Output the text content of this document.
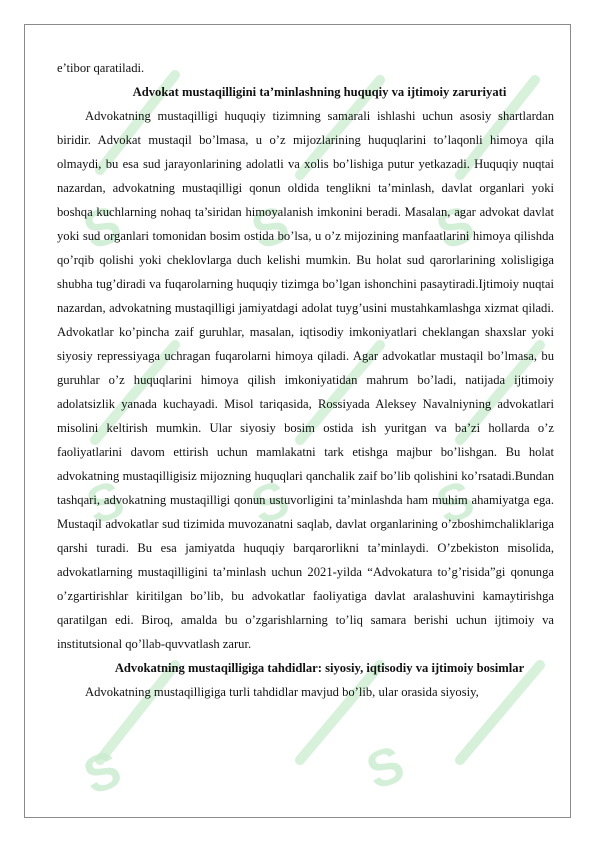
S
S
S
S
S
S
S
S

e’tibor qaratiladi.

Advokat mustaqilligini ta’minlashning huquqiy va ijtimoiy zaruriyati

Advokatning mustaqilligi huquqiy tizimning samarali ishlashi uchun asosiy shartlardan biridir. Advokat mustaqil bo’lmasa, u o’z mijozlarining huquqlarini to’laqonli himoya qila olmaydi, bu esa sud jarayonlarining adolatli va xolis bo’lishiga putur yetkazadi. Huquqiy nuqtai nazardan, advokatning mustaqilligi qonun oldida tenglikni ta’minlash, davlat organlari yoki boshqa kuchlarning nohaq ta’siridan himoyalanish imkonini beradi. Masalan, agar advokat davlat yoki sud organlari tomonidan bosim ostida bo’lsa, u o’z mijozining manfaatlarini himoya qilishda qo’rqib qolishi yoki cheklovlarga duch kelishi mumkin. Bu holat sud qarorlarining xolisligiga shubha tug’diradi va fuqarolarning huquqiy tizimga bo’lgan ishonchini pasaytiradi.Ijtimoiy nuqtai nazardan, advokatning mustaqilligi jamiyatdagi adolat tuyg’usini mustahkamlashga xizmat qiladi. Advokatlar ko’pincha zaif guruhlar, masalan, iqtisodiy imkoniyatlari cheklangan shaxslar yoki siyosiy repressiyaga uchragan fuqarolarni himoya qiladi. Agar advokatlar mustaqil bo’lmasa, bu guruhlar o’z huquqlarini himoya qilish imkoniyatidan mahrum bo’ladi, natijada ijtimoiy adolatsizlik yanada kuchayadi. Misol tariqasida, Rossiyada Aleksey Navalniyning advokatlari misolini keltirish mumkin. Ular siyosiy bosim ostida ish yuritgan va ba’zi hollarda o’z faoliyatlarini davom ettirish uchun mamlakatni tark etishga majbur bo’lishgan. Bu holat advokatning mustaqilligisiz mijozning huquqlari qanchalik zaif bo’lib qolishini ko’rsatadi.Bundan tashqari, advokatning mustaqilligi qonun ustuvorligini ta’minlashda ham muhim ahamiyatga ega. Mustaqil advokatlar sud tizimida muvozanatni saqlab, davlat organlarining o’zboshimchaliklariga qarshi turadi. Bu esa jamiyatda huquqiy barqarorlikni ta’minlaydi. O’zbekiston misolida, advokatlarning mustaqilligini ta’minlash uchun 2021-yilda “Advokatura to’g’risida”gi qonunga o’zgartirishlar kiritilgan bo’lib, bu advokatlar faoliyatiga davlat aralashuvini kamaytirishga qaratilgan edi. Biroq, amalda bu o’zgarishlarning to’liq samara berishi uchun ijtimoiy va institutsional qo’llab-quvvatlash zarur.

Advokatning mustaqilligiga tahdidlar: siyosiy, iqtisodiy va ijtimoiy bosimlar

Advokatning mustaqilligiga turli tahdidlar mavjud bo’lib, ular orasida siyosiy,
